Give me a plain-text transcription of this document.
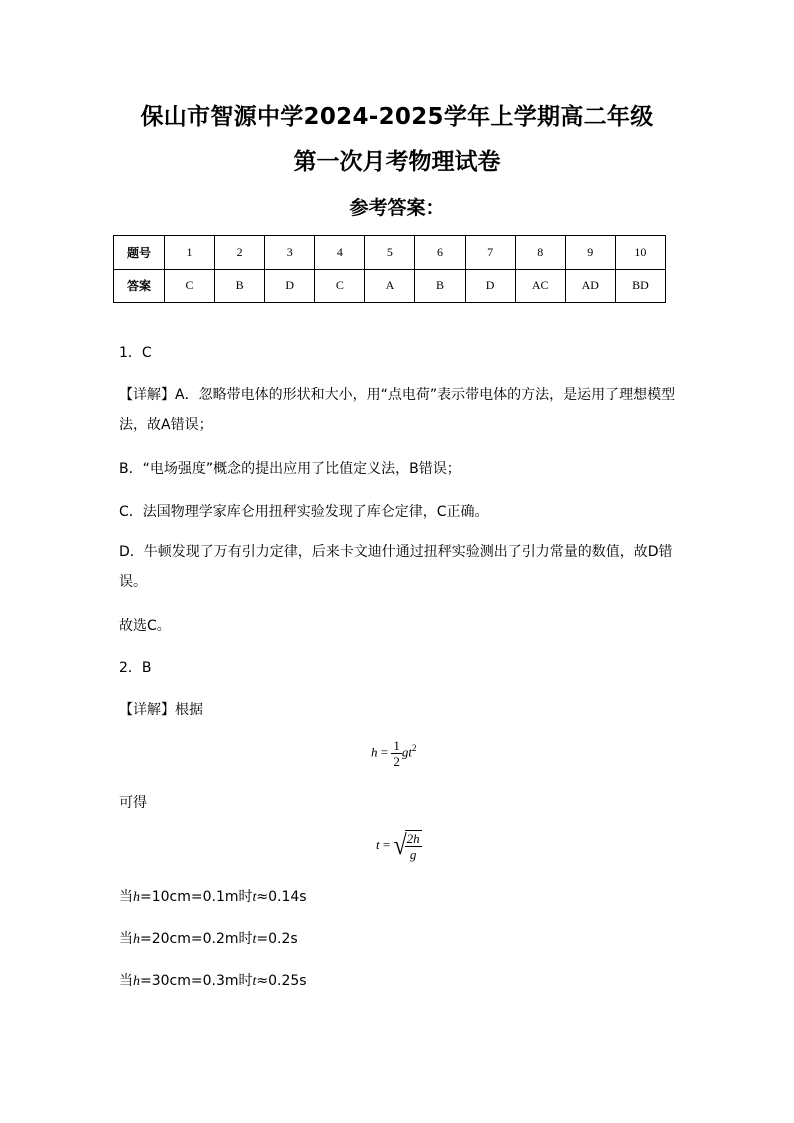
保山市智源中学2024-2025学年上学期高二年级
第一次月考物理试卷
参考答案：
题号	1	2	3	4	5	6	7	8	9	10
答案	C	B	D	C	A	B	D	AC	AD	BD
1．C
【详解】A．忽略带电体的形状和大小，用“点电荷”表示带电体的方法，是运用了理想模型
法，故A错误；
B．“电场强度”概念的提出应用了比值定义法，B错误；
C．法国物理学家库仑用扭秤实验发现了库仑定律，C正确。
D．牛顿发现了万有引力定律，后来卡文迪什通过扭秤实验测出了引力常量的数值，故D错
误。
故选C。
2．B
【详解】根据
$h = \frac{1}{2} gt^2$
可得
t = √
$\frac{2h}{g}$
当h=10cm=0.1m时t≈0.14s
当h=20cm=0.2m时t=0.2s
当h=30cm=0.3m时t≈0.25s
